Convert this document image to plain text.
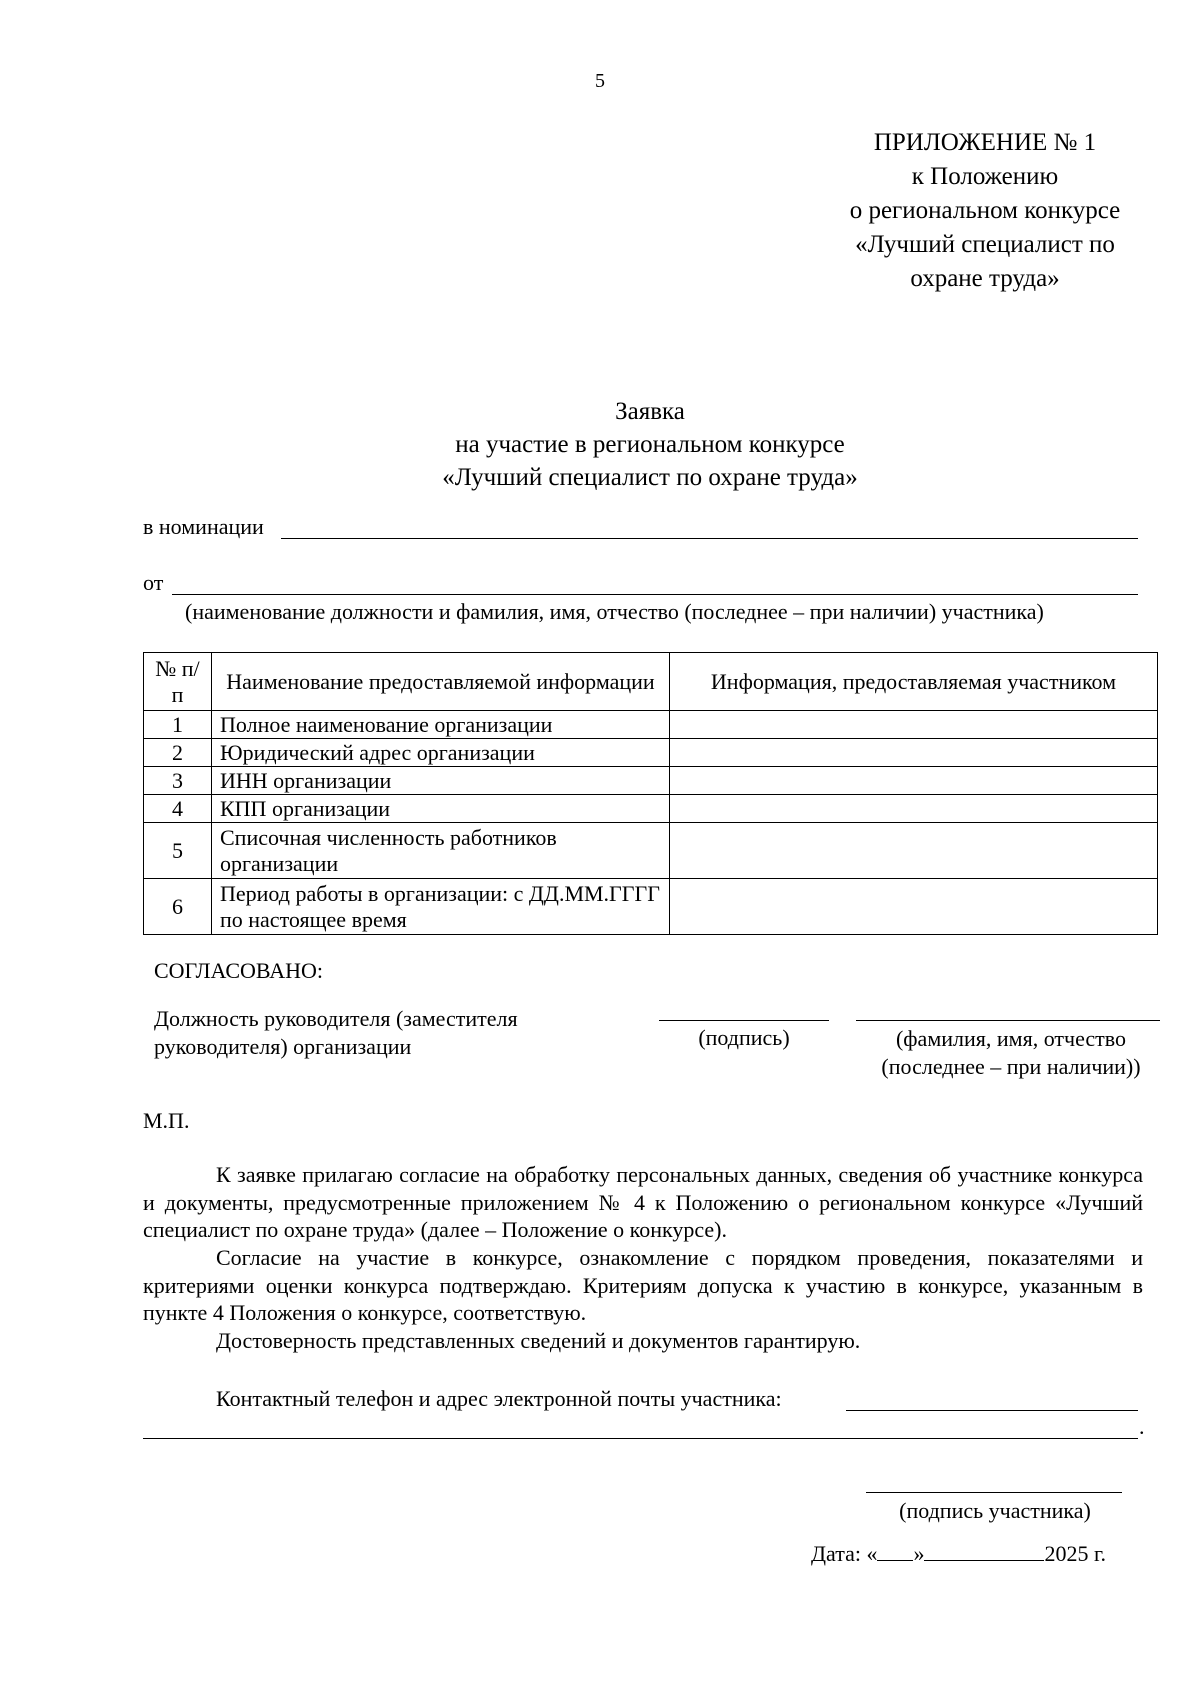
5
ПРИЛОЖЕНИЕ № 1
к Положению
о региональном конкурсе
«Лучший специалист по
охране труда»
Заявка
на участие в региональном конкурсе
«Лучший специалист по охране труда»
в номинации
от
(наименование должности и фамилия, имя, отчество (последнее – при наличии) участника)
№ п/п	Наименование предоставляемой информации	Информация, предоставляемая участником
1	Полное наименование организации	
2	Юридический адрес организации	
3	ИНН организации	
4	КПП организации	
5	Списочная численность работников организации	
6	Период работы в организации: с ДД.ММ.ГГГГ по настоящее время	
СОГЛАСОВАНО:
Должность руководителя (заместителя руководителя) организации	(подпись)	(фамилия, имя, отчество
(последнее – при наличии))
М.П.
К заявке прилагаю согласие на обработку персональных данных, сведения об участнике конкурса и документы, предусмотренные приложением № 4 к Положению о региональном конкурсе «Лучший специалист по охране труда» (далее – Положение о конкурсе).
Согласие на участие в конкурсе, ознакомление с порядком проведения, показателями и критериями оценки конкурса подтверждаю. Критериям допуска к участию в конкурсе, указанным в пункте 4 Положения о конкурсе, соответствую.
Достоверность представленных сведений и документов гарантирую.
Контактный телефон и адрес электронной почты участника:
.
(подпись участника)
Дата: « »	2025 г.
